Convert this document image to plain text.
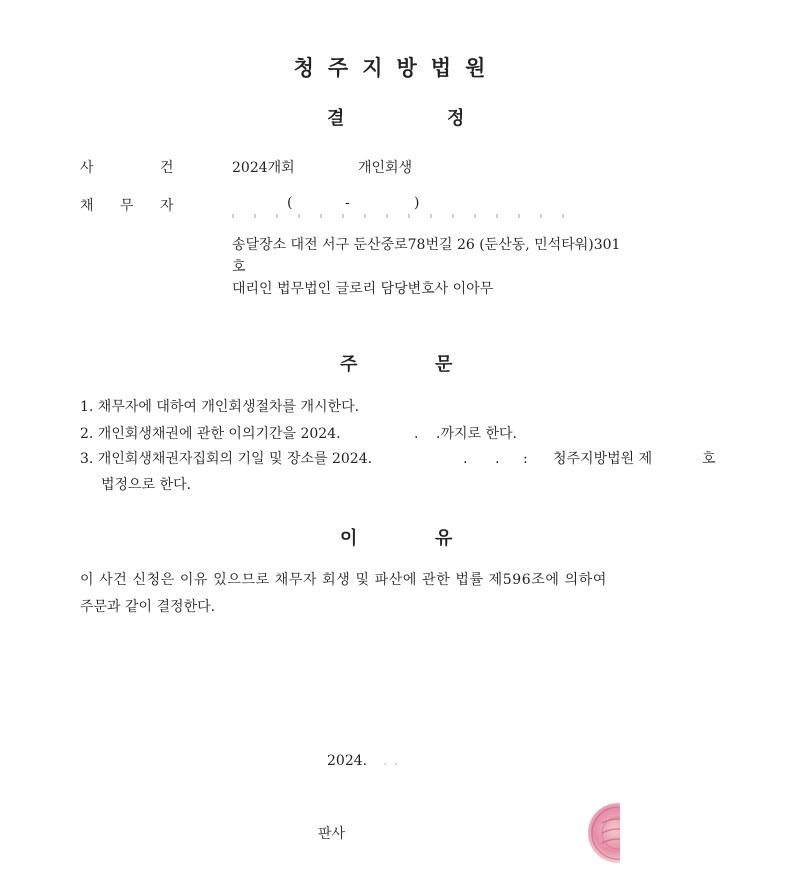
청주지방법원
결	정
사	건	2024개회	개인회생
채 무 자	(	-	)
송달장소 대전 서구 둔산중로78번길 26 (둔산동, 민석타워)301
호
대리인 법무법인 글로리 담당변호사 이아무
주	문
1. 채무자에 대하여 개인회생절차를 개시한다.
2. 개인회생채권에 관한 이의기간을 2024.	. .까지로 한다.
3. 개인회생채권자집회의 기일 및 장소를 2024.	. . : 청주지방법원 제	호
법정으로 한다.
이	유
이 사건 신청은 이유 있으므로 채무자 회생 및 파산에 관한 법률 제596조에 의하여
주문과 같이 결정한다.
2024. . .
판사
